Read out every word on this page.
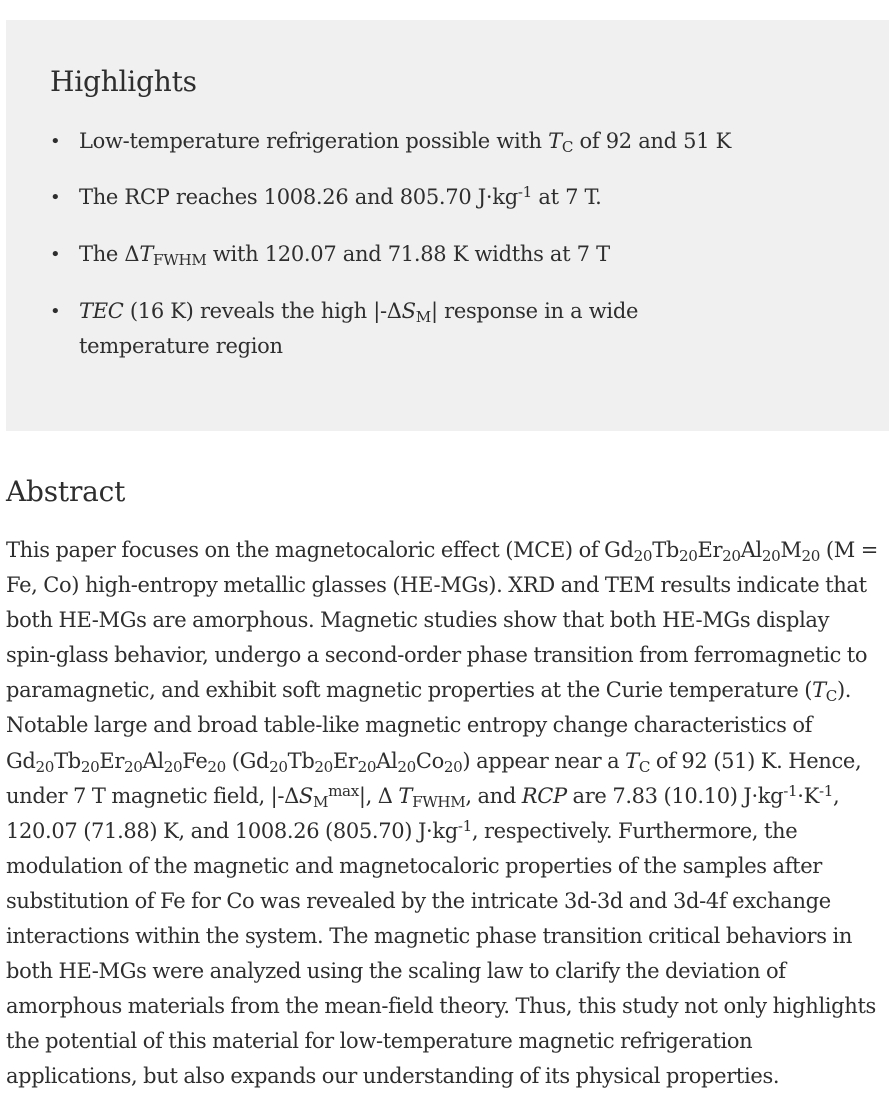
Highlights
• Low-temperature refrigeration possible with $T_C$ of 92 and 51 K
• The RCP reaches 1008.26 and 805.70 $J\cdot kg^{-1}$ at 7 T.
• The $\Delta T_{FWHM}$ with 120.07 and 71.88 K widths at 7 T
• TEC (16 K) reveals the high $|-\Delta S_M|$ response in a wide temperature region
Abstract

This paper focuses on the magnetocaloric effect (MCE) of $Gd_{20}Tb_{20}Er_{20}Al_{20}M_{20}$ (M = Fe, Co) high-entropy metallic glasses (HE-MGs). XRD and TEM results indicate that both HE-MGs are amorphous. Magnetic studies show that both HE-MGs display spin-glass behavior, undergo a second-order phase transition from ferromagnetic to paramagnetic, and exhibit soft magnetic properties at the Curie temperature $(T_C)$. Notable large and broad table-like magnetic entropy change characteristics of $Gd_{20}Tb_{20}Er_{20}Al_{20}Fe_{20}$ $(Gd_{20}Tb_{20}Er_{20}Al_{20}Co_{20})$ appear near a $T_C$ of 92 (51) K. Hence, under 7 T magnetic field, $|-\Delta S_M^{max}|$, Δ $T_{FWHM}$, and RCP are 7.83 (10.10) $J\cdot kg^{-1}\cdot K^{-1}$, 120.07 (71.88) K, and 1008.26 (805.70) $J\cdot kg^{-1}$, respectively. Furthermore, the modulation of the magnetic and magnetocaloric properties of the samples after substitution of Fe for Co was revealed by the intricate 3d-3d and 3d-4f exchange interactions within the system. The magnetic phase transition critical behaviors in both HE-MGs were analyzed using the scaling law to clarify the deviation of amorphous materials from the mean-field theory. Thus, this study not only highlights the potential of this material for low-temperature magnetic refrigeration applications, but also expands our understanding of its physical properties.
